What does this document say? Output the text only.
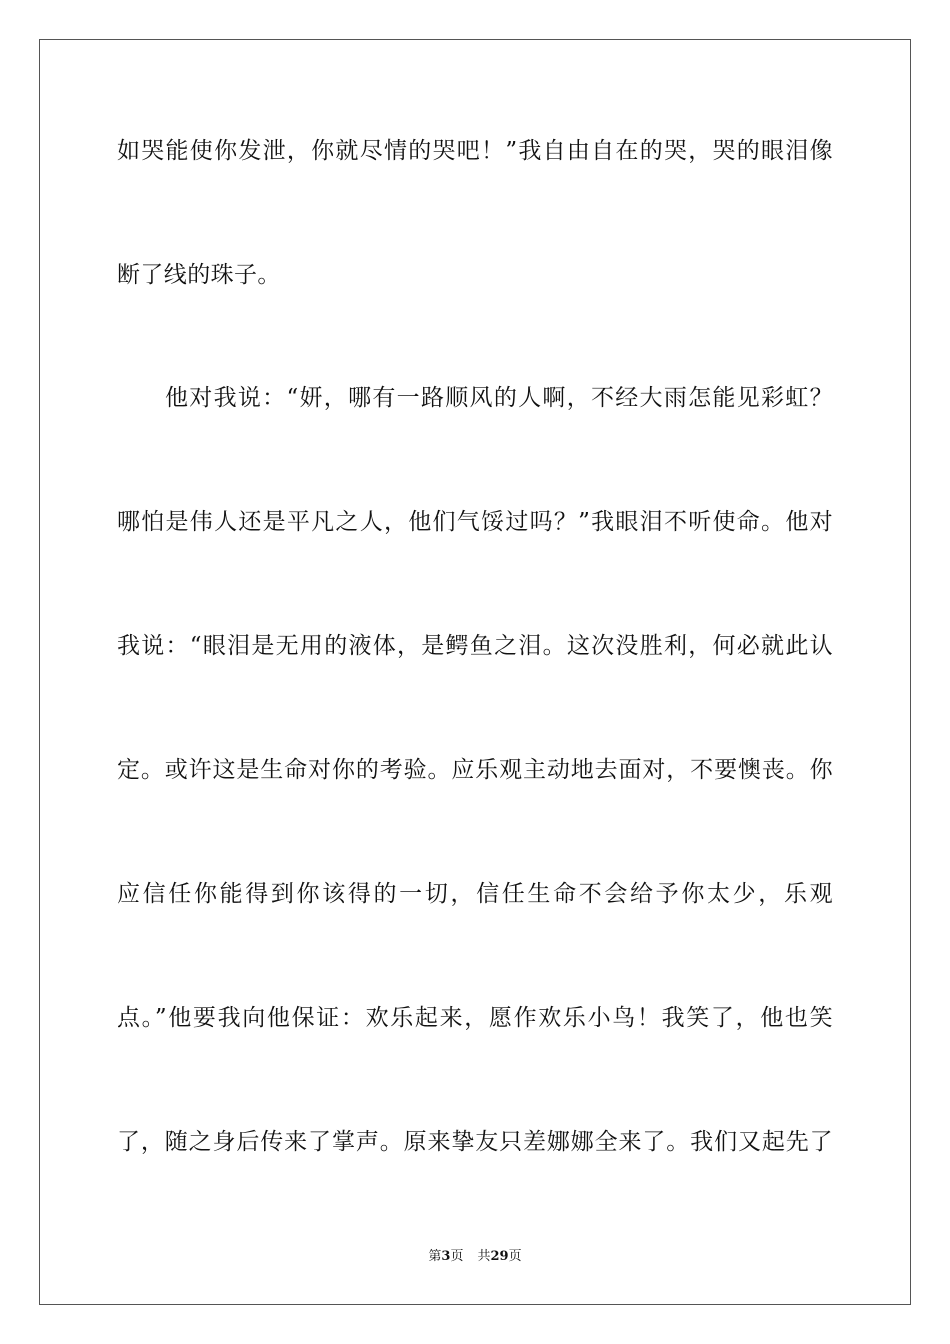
如哭能使你发泄，你就尽情的哭吧！”我自由自在的哭，哭的眼泪像
断了线的珠子。
他对我说：“妍，哪有一路顺风的人啊，不经大雨怎能见彩虹？
哪怕是伟人还是平凡之人，他们气馁过吗？”我眼泪不听使命。他对
我说：“眼泪是无用的液体，是鳄鱼之泪。这次没胜利，何必就此认
定。或许这是生命对你的考验。应乐观主动地去面对，不要懊丧。你
应信任你能得到你该得的一切，信任生命不会给予你太少，乐观
点。”他要我向他保证：欢乐起来，愿作欢乐小鸟！我笑了，他也笑
了，随之身后传来了掌声。原来挚友只差娜娜全来了。我们又起先了
第3页 共29页
